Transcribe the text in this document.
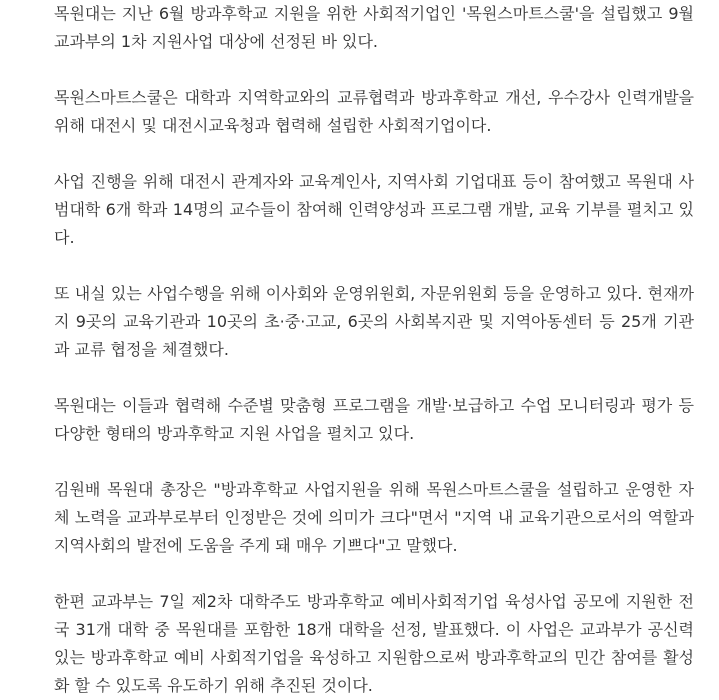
목원대는 지난 6월 방과후학교 지원을 위한 사회적기업인 '목원스마트스쿨'을 설립했고 9월 교과부의 1차 지원사업 대상에 선정된 바 있다.

목원스마트스쿨은 대학과 지역학교와의 교류협력과 방과후학교 개선, 우수강사 인력개발을 위해 대전시 및 대전시교육청과 협력해 설립한 사회적기업이다.

사업 진행을 위해 대전시 관계자와 교육계인사, 지역사회 기업대표 등이 참여했고 목원대 사범대학 6개 학과 14명의 교수들이 참여해 인력양성과 프로그램 개발, 교육 기부를 펼치고 있다.

또 내실 있는 사업수행을 위해 이사회와 운영위원회, 자문위원회 등을 운영하고 있다. 현재까지 9곳의 교육기관과 10곳의 초·중·고교, 6곳의 사회복지관 및 지역아동센터 등 25개 기관과 교류 협정을 체결했다.

목원대는 이들과 협력해 수준별 맞춤형 프로그램을 개발·보급하고 수업 모니터링과 평가 등 다양한 형태의 방과후학교 지원 사업을 펼치고 있다.

김원배 목원대 총장은 "방과후학교 사업지원을 위해 목원스마트스쿨을 설립하고 운영한 자체 노력을 교과부로부터 인정받은 것에 의미가 크다"면서 "지역 내 교육기관으로서의 역할과 지역사회의 발전에 도움을 주게 돼 매우 기쁘다"고 말했다.

한편 교과부는 7일 제2차 대학주도 방과후학교 예비사회적기업 육성사업 공모에 지원한 전국 31개 대학 중 목원대를 포함한 18개 대학을 선정, 발표했다. 이 사업은 교과부가 공신력 있는 방과후학교 예비 사회적기업을 육성하고 지원함으로써 방과후학교의 민간 참여를 활성화 할 수 있도록 유도하기 위해 추진된 것이다.
